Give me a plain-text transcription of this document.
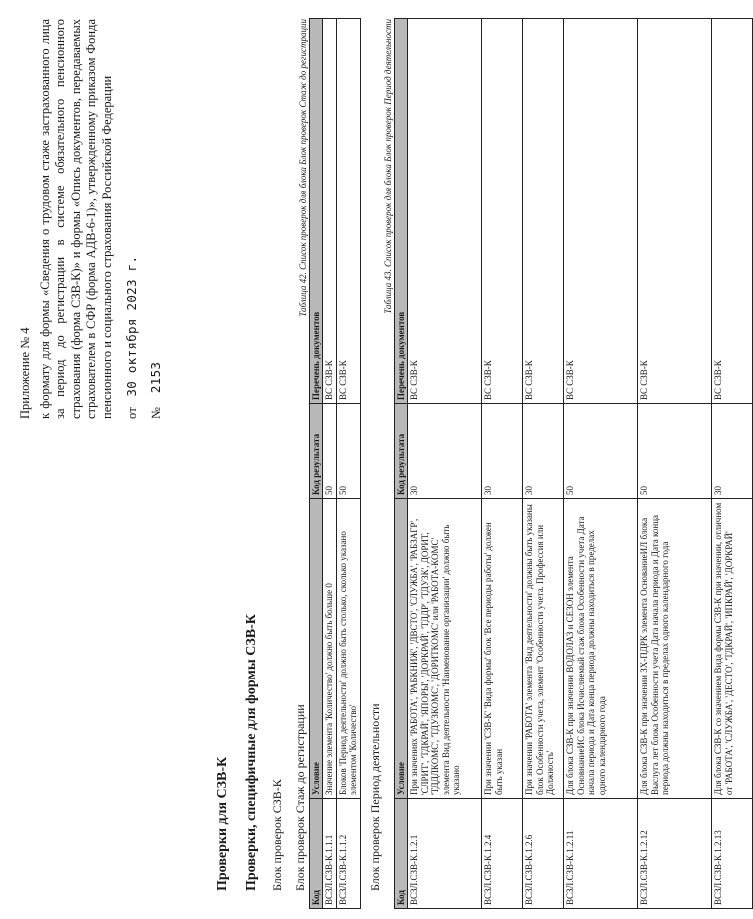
Приложение № 4 к формату для формы «Сведения о трудовом стаже застрахованного лица за период до регистрации в системе обязательного пенсионного страхования (форма СЗВ-К)» и формы «Опись документов, передаваемых страхователем в СФР (форма АДВ-6-1)», утвержденному приказом Фонда пенсионного и социального страхования Российской Федерации от   30 октября 2023 г.
№    2153
Проверки для СЗВ-К Проверки, специфичные для формы СЗВ-К Блок проверок СЗВ-К Блок проверок Стаж до регистрации
Таблица 42. Список проверок для блока Блок проверок Стаж до регистрации
Код	Условие	Код результата	Перечень документов
ВСЗЛ.СЗВ-К.1.1.1	Значение элемента 'Количество' должно быть больше 0	50	ВС СЗВ-К
ВСЗЛ.СЗВ-К.1.1.2	Блоков 'Период деятельности' должно быть столько, сколько указано элементом 'Количество'	50	ВС СЗВ-К
Блок проверок Период деятельности
Таблица 43. Список проверок для блока Блок проверок Период деятельности
Код	Условие	Код результата	Перечень документов
ВСЗЛ.СЗВ-К.1.2.1	При значениях 'РАБОТА', 'РАБКНИЖ', 'ДВСТО', 'СЛУЖБА', 'РАБЗАГР', 'СЛРИТ', 'ТДКРАЙ', 'ЯПОРЫ', 'ДОРКРАЙ', 'ТДДР', 'ТДУЗК', ДОРИТ, 'ТДДЛКОМС', 'ТДУЗКОМС', 'ДОРИТКОМС' или 'РАБОТА-КОМС' элемента Вид деятельности 'Наименование организации' должно быть указано	30	ВС СЗВ-К
ВСЗЛ.СЗВ-К.1.2.4	При значении 'СЗВ-К' 'Вида формы' блок 'Все периоды работы' должен быть указан	30	ВС СЗВ-К
ВСЗЛ.СЗВ-К.1.2.6	При значении 'РАБОТА' элемента 'Вид деятельности' должны быть указаны блок Особенности учета, элемент 'Особенности учета. Профессия или Должность'	30	ВС СЗВ-К
ВСЗЛ.СЗВ-К.1.2.11	Для блока СЗВ-К при значении ВОДОЛАЗ и СЕЗОН элемента ОсновнаниеИС блока Исчисляемый стаж блока Особенности учета Дата начала периода и Дата конца периода должны находиться в пределах одного календарного года	50	ВС СЗВ-К
ВСЗЛ.СЗВ-К.1.2.12	Для блока СЗВ-К при значении ЗХ-ПДРК элемента ОснованиеИЛ блока Выслуга лет блока Особенности учета Дата начала периода и Дата конца периода должны находиться в пределах одного календарного года	50	ВС СЗВ-К
ВСЗЛ.СЗВ-К.1.2.13	Для блока СЗВ-К со значением Вида формы СЗВ-К при значении, отличном от 'РАБОТА', 'СЛУЖБА', 'ДЕСТО', 'ТДКРАЙ', 'ИПКРАЙ', 'ДОРКРАЙ'	30	ВС СЗВ-К
